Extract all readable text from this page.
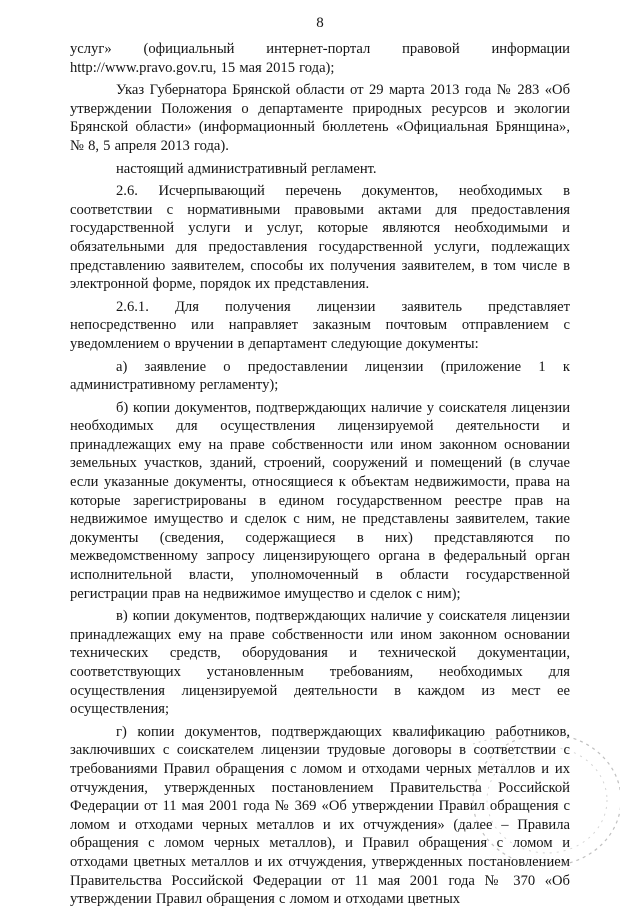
8

услуг» (официальный интернет-портал правовой информации http://www.pravo.gov.ru, 15 мая 2015 года);

Указ Губернатора Брянской области от 29 марта 2013 года № 283 «Об утверждении Положения о департаменте природных ресурсов и экологии Брянской области» (информационный бюллетень «Официальная Брянщина», № 8, 5 апреля 2013 года).

настоящий административный регламент.

2.6. Исчерпывающий перечень документов, необходимых в соответствии с нормативными правовыми актами для предоставления государственной услуги и услуг, которые являются необходимыми и обязательными для предоставления государственной услуги, подлежащих представлению заявителем, способы их получения заявителем, в том числе в электронной форме, порядок их представления.

2.6.1. Для получения лицензии заявитель представляет непосредственно или направляет заказным почтовым отправлением с уведомлением о вручении в департамент следующие документы:

а) заявление о предоставлении лицензии (приложение 1 к административному регламенту);

б) копии документов, подтверждающих наличие у соискателя лицензии необходимых для осуществления лицензируемой деятельности и принадлежащих ему на праве собственности или ином законном основании земельных участков, зданий, строений, сооружений и помещений (в случае если указанные документы, относящиеся к объектам недвижимости, права на которые зарегистрированы в едином государственном реестре прав на недвижимое имущество и сделок с ним, не представлены заявителем, такие документы (сведения, содержащиеся в них) представляются по межведомственному запросу лицензирующего органа в федеральный орган исполнительной власти, уполномоченный в области государственной регистрации прав на недвижимое имущество и сделок с ним);

в) копии документов, подтверждающих наличие у соискателя лицензии принадлежащих ему на праве собственности или ином законном основании технических средств, оборудования и технической документации, соответствующих установленным требованиям, необходимых для осуществления лицензируемой деятельности в каждом из мест ее осуществления;

г) копии документов, подтверждающих квалификацию работников, заключивших с соискателем лицензии трудовые договоры в соответствии с требованиями Правил обращения с ломом и отходами черных металлов и их отчуждения, утвержденных постановлением Правительства Российской Федерации от 11 мая 2001 года № 369 «Об утверждении Правил обращения с ломом и отходами черных металлов и их отчуждения» (далее – Правила обращения с ломом черных металлов), и Правил обращения с ломом и отходами цветных металлов и их отчуждения, утвержденных постановлением Правительства Российской Федерации от 11 мая 2001 года № 370 «Об утверждении Правил обращения с ломом и отходами цветных
